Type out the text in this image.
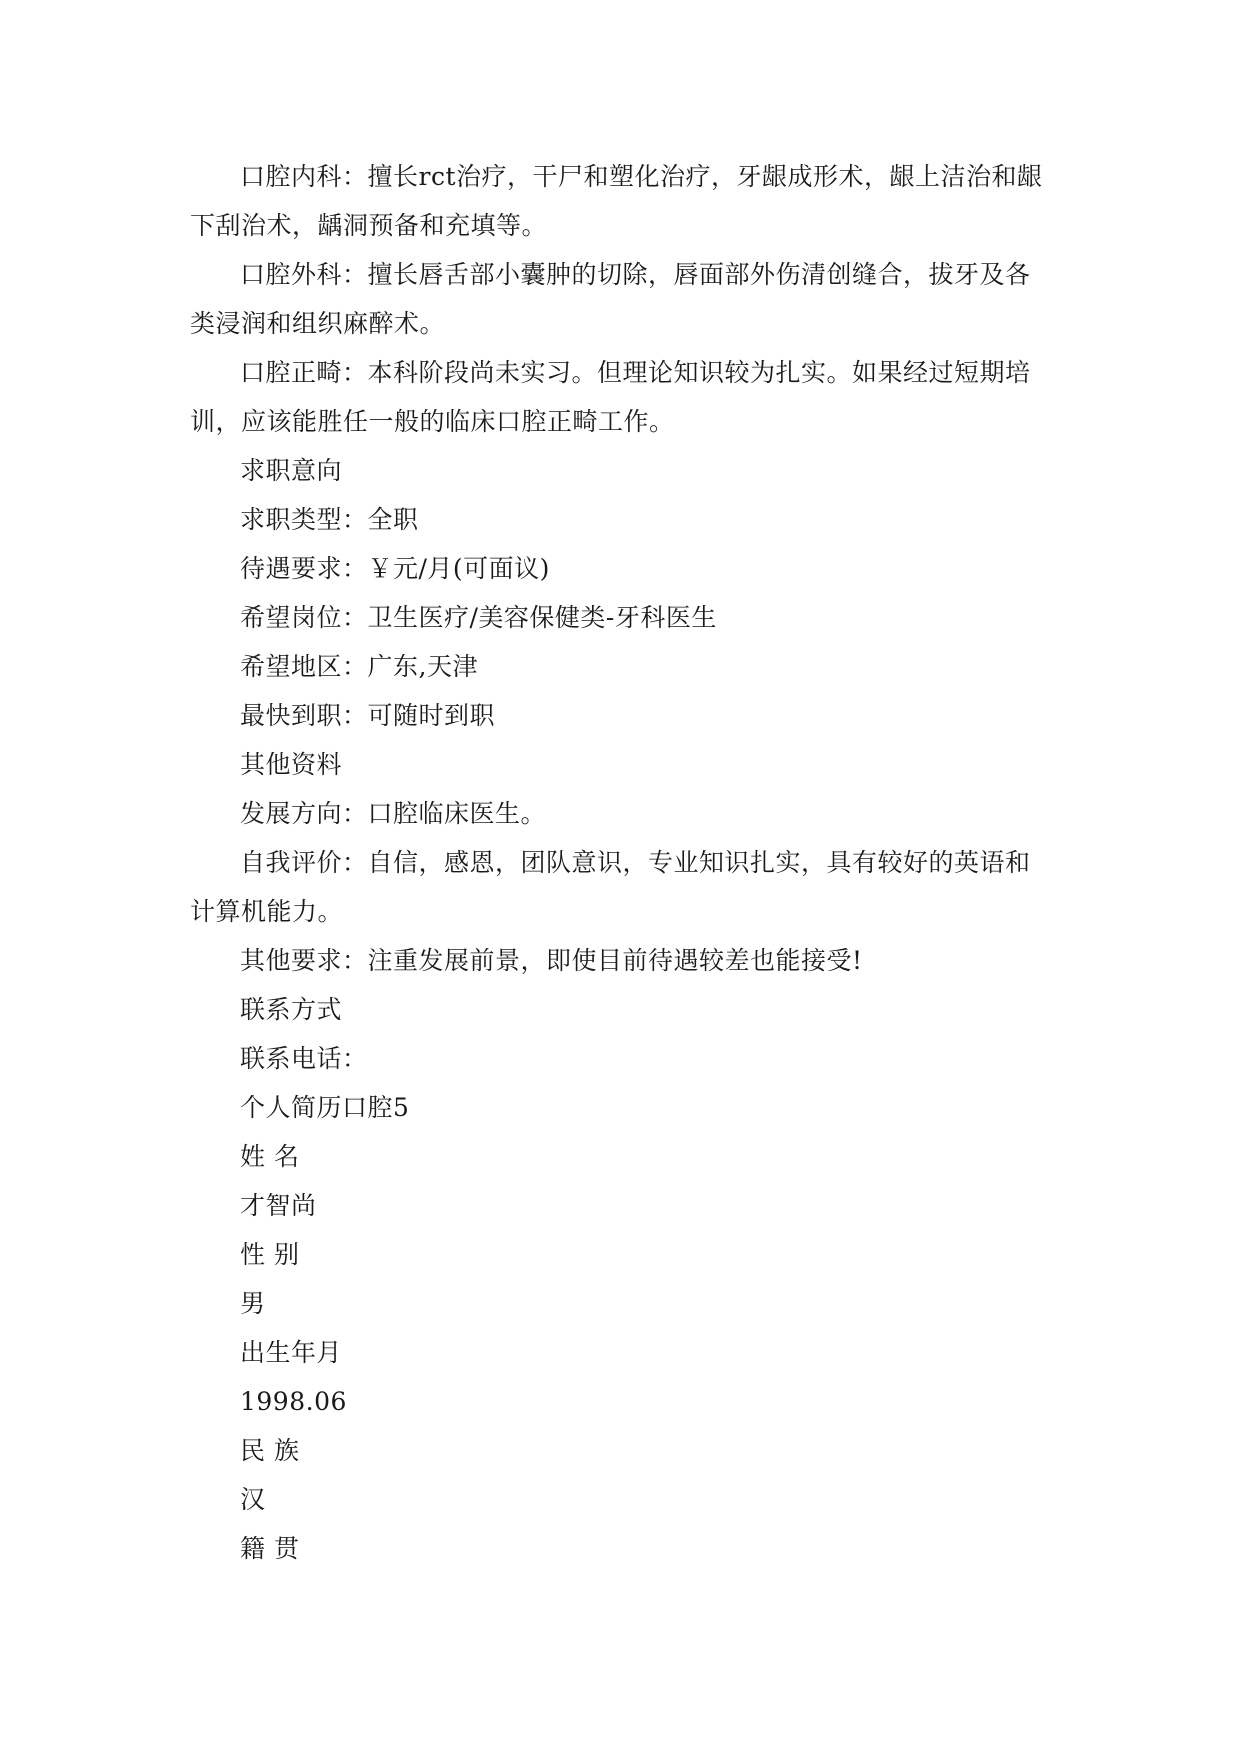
口腔内科：擅长rct治疗，干尸和塑化治疗，牙龈成形术，龈上洁治和龈下刮治术，龋洞预备和充填等。

口腔外科：擅长唇舌部小囊肿的切除，唇面部外伤清创缝合，拔牙及各类浸润和组织麻醉术。

口腔正畸：本科阶段尚未实习。但理论知识较为扎实。如果经过短期培训，应该能胜任一般的临床口腔正畸工作。

求职意向

求职类型：全职

待遇要求：￥元/月(可面议)

希望岗位：卫生医疗/美容保健类-牙科医生

希望地区：广东,天津

最快到职：可随时到职

其他资料

发展方向：口腔临床医生。

自我评价：自信，感恩，团队意识，专业知识扎实，具有较好的英语和计算机能力。

其他要求：注重发展前景，即使目前待遇较差也能接受!

联系方式

联系电话：

个人简历口腔5

姓 名

才智尚

性 别

男

出生年月

1998.06

民 族

汉

籍 贯
